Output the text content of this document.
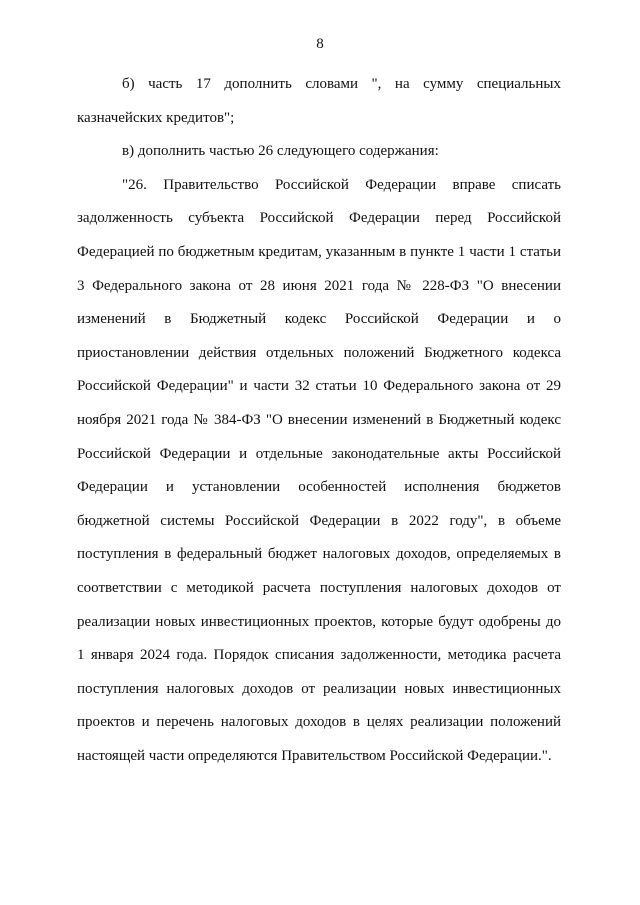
8

б) часть 17 дополнить словами ", на сумму специальных казначейских кредитов";

в) дополнить частью 26 следующего содержания:

"26. Правительство Российской Федерации вправе списать задолженность субъекта Российской Федерации перед Российской Федерацией по бюджетным кредитам, указанным в пункте 1 части 1 статьи 3 Федерального закона от 28 июня 2021 года № 228-ФЗ "О внесении изменений в Бюджетный кодекс Российской Федерации и о приостановлении действия отдельных положений Бюджетного кодекса Российской Федерации" и части 32 статьи 10 Федерального закона от 29 ноября 2021 года № 384-ФЗ "О внесении изменений в Бюджетный кодекс Российской Федерации и отдельные законодательные акты Российской Федерации и установлении особенностей исполнения бюджетов бюджетной системы Российской Федерации в 2022 году", в объеме поступления в федеральный бюджет налоговых доходов, определяемых в соответствии с методикой расчета поступления налоговых доходов от реализации новых инвестиционных проектов, которые будут одобрены до 1 января 2024 года. Порядок списания задолженности, методика расчета поступления налоговых доходов от реализации новых инвестиционных проектов и перечень налоговых доходов в целях реализации положений настоящей части определяются Правительством Российской Федерации.".
